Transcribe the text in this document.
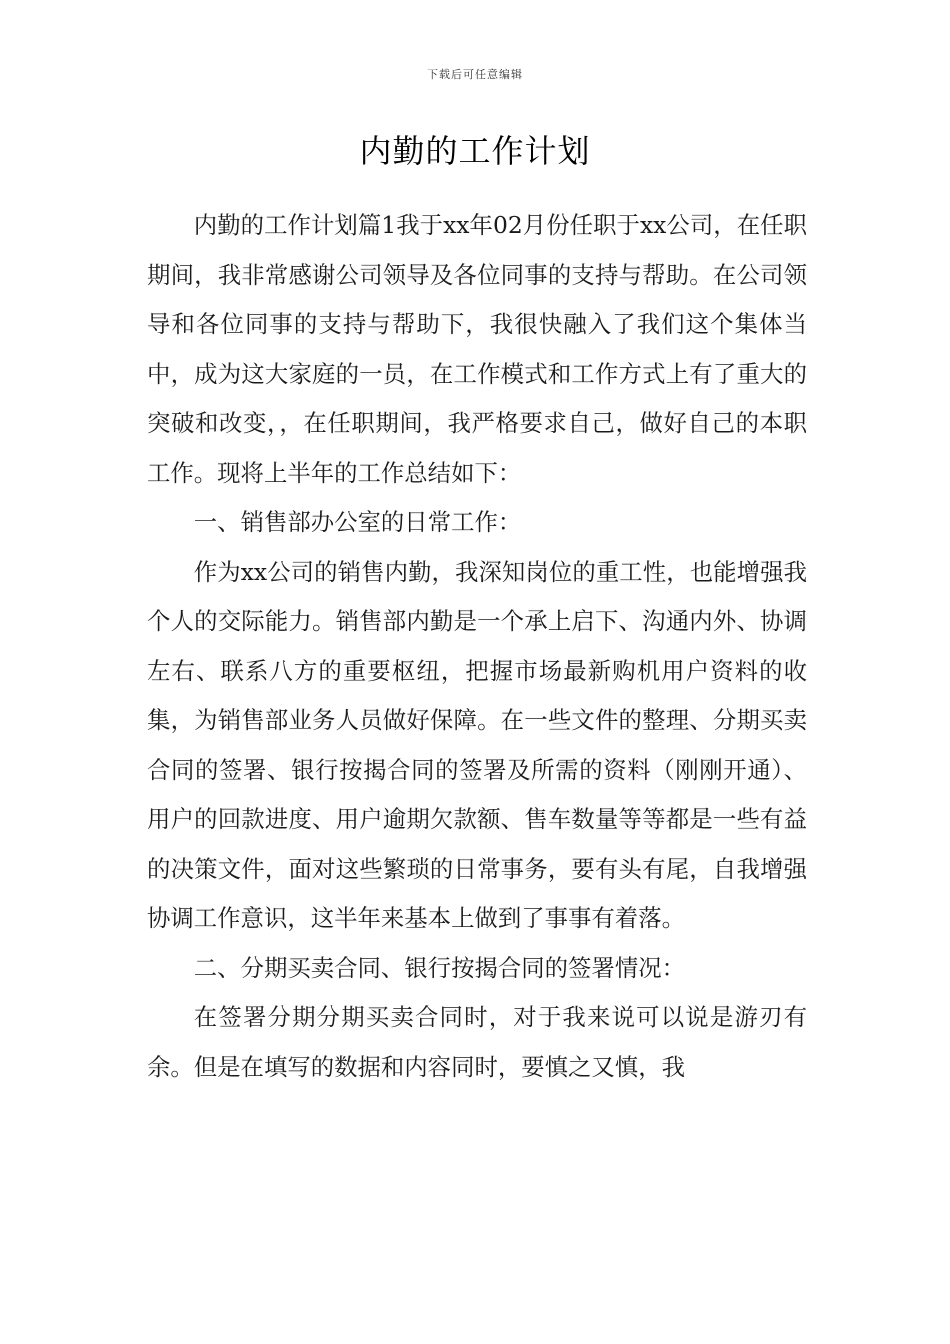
下载后可任意编辑
内勤的工作计划

内勤的工作计划篇1我于xx年02月份任职于xx公司，在任职期间，我非常感谢公司领导及各位同事的支持与帮助。在公司领导和各位同事的支持与帮助下，我很快融入了我们这个集体当中，成为这大家庭的一员，在工作模式和工作方式上有了重大的突破和改变，，在任职期间，我严格要求自己，做好自己的本职工作。现将上半年的工作总结如下：

一、销售部办公室的日常工作：

作为xx公司的销售内勤，我深知岗位的重工性，也能增强我个人的交际能力。销售部内勤是一个承上启下、沟通内外、协调左右、联系八方的重要枢纽，把握市场最新购机用户资料的收集，为销售部业务人员做好保障。在一些文件的整理、分期买卖合同的签署、银行按揭合同的签署及所需的资料（刚刚开通）、用户的回款进度、用户逾期欠款额、售车数量等等都是一些有益的决策文件，面对这些繁琐的日常事务，要有头有尾，自我增强协调工作意识，这半年来基本上做到了事事有着落。

二、分期买卖合同、银行按揭合同的签署情况：

在签署分期分期买卖合同时，对于我来说可以说是游刃有余。但是在填写的数据和内容同时，要慎之又慎，我
